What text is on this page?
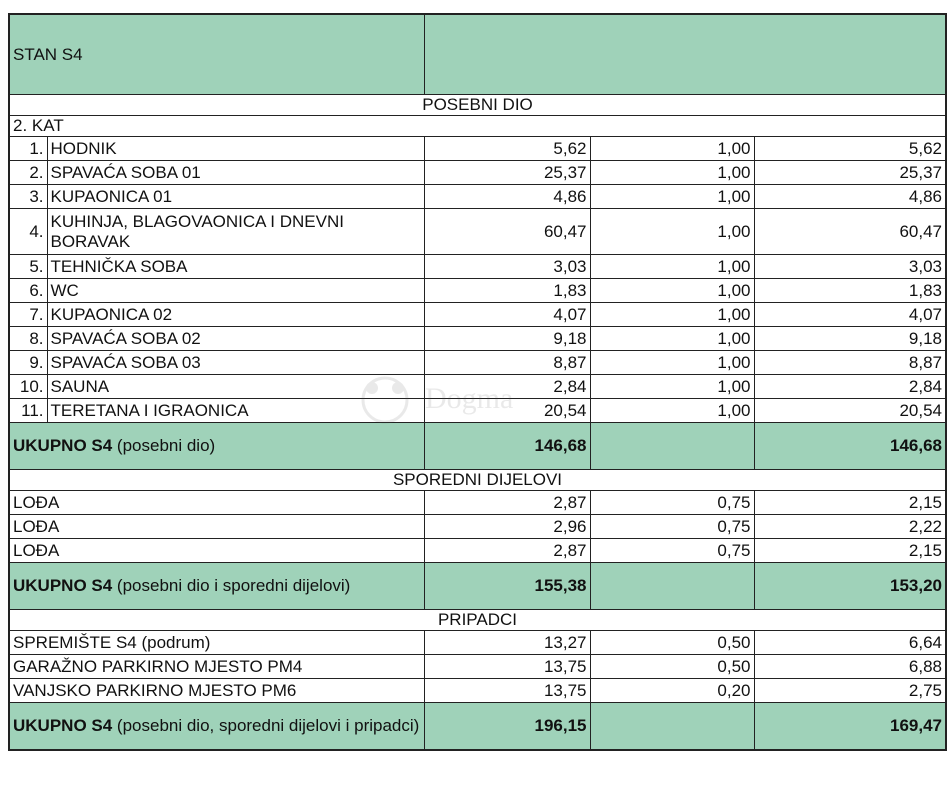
STAN S4				
POSEBNI DIO				
2. KAT				
1.	HODNIK	5,62	1,00	5,62
2.	SPAVAĆA SOBA 01	25,37	1,00	25,37
3.	KUPAONICA 01	4,86	1,00	4,86
4.	KUHINJA, BLAGOVAONICA I DNEVNI BORAVAK	60,47	1,00	60,47
5.	TEHNIČKA SOBA	3,03	1,00	3,03
6.	WC	1,83	1,00	1,83
7.	KUPAONICA 02	4,07	1,00	4,07
8.	SPAVAĆA SOBA 02	9,18	1,00	9,18
9.	SPAVAĆA SOBA 03	8,87	1,00	8,87
10.	SAUNA	2,84	1,00	2,84
11.	TERETANA I IGRAONICA	20,54	1,00	20,54
UKUPNO S4 (posebni dio)		146,68		146,68
SPOREDNI DIJELOVI				
LOĐA		2,87	0,75	2,15
LOĐA		2,96	0,75	2,22
LOĐA		2,87	0,75	2,15
UKUPNO S4 (posebni dio i sporedni dijelovi)		155,38		153,20
PRIPADCI				
SPREMIŠTE S4 (podrum)		13,27	0,50	6,64
GARAŽNO PARKIRNO MJESTO PM4		13,75	0,50	6,88
VANJSKO PARKIRNO MJESTO PM6		13,75	0,20	2,75
UKUPNO S4 (posebni dio, sporedni dijelovi i pripadci)		196,15		169,47
Dogma
